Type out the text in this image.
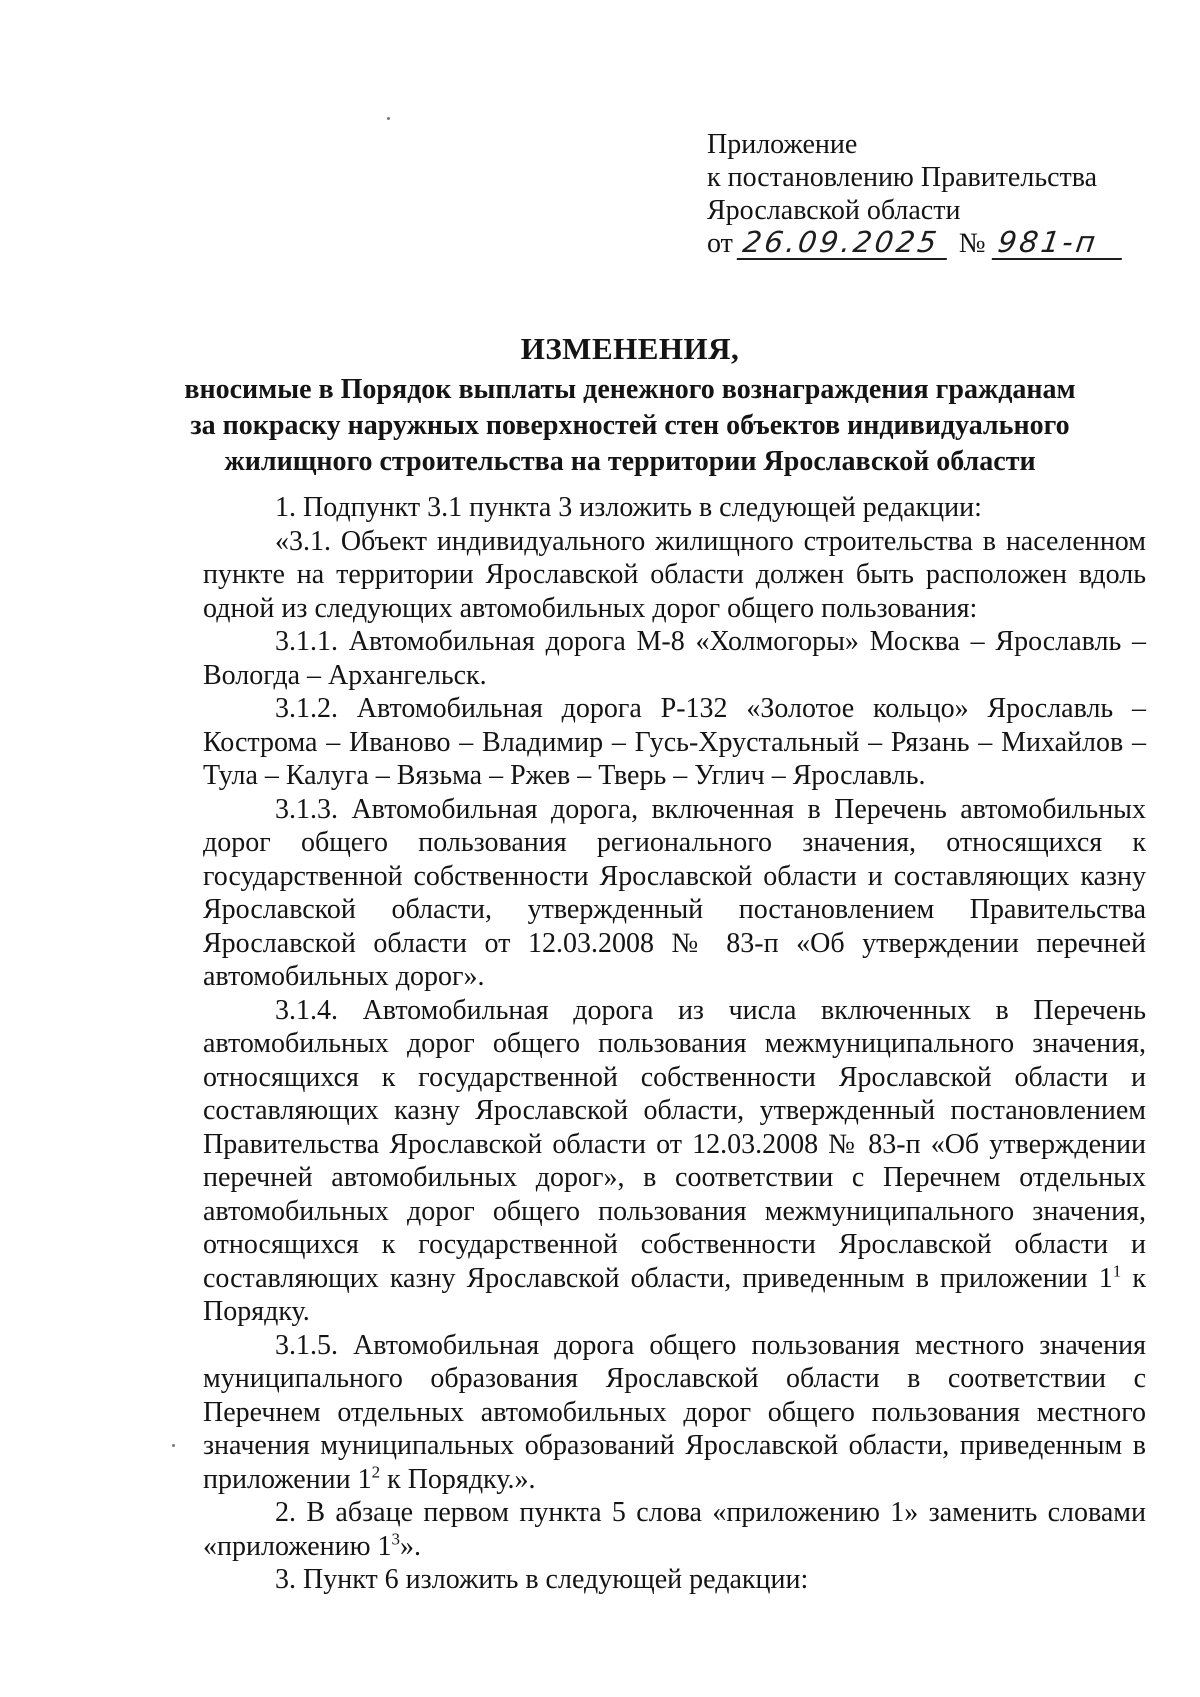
Приложение
к постановлению Правительства
Ярославской области
от 26.09.2025 № 981-п
ИЗМЕНЕНИЯ,
вносимые в Порядок выплаты денежного вознаграждения гражданам за покраску наружных поверхностей стен объектов индивидуального жилищного строительства на территории Ярославской области

1. Подпункт 3.1 пункта 3 изложить в следующей редакции:

«3.1. Объект индивидуального жилищного строительства в населенном пункте на территории Ярославской области должен быть расположен вдоль одной из следующих автомобильных дорог общего пользования:

3.1.1. Автомобильная дорога М-8 «Холмогоры» Москва – Ярославль – Вологда – Архангельск.

3.1.2. Автомобильная дорога Р-132 «Золотое кольцо» Ярославль – Кострома – Иваново – Владимир – Гусь-Хрустальный – Рязань – Михайлов – Тула – Калуга – Вязьма – Ржев – Тверь – Углич – Ярославль.

3.1.3. Автомобильная дорога, включенная в Перечень автомобильных дорог общего пользования регионального значения, относящихся к государственной собственности Ярославской области и составляющих казну Ярославской области, утвержденный постановлением Правительства Ярославской области от 12.03.2008 № 83-п «Об утверждении перечней автомобильных дорог».

3.1.4. Автомобильная дорога из числа включенных в Перечень автомобильных дорог общего пользования межмуниципального значения, относящихся к государственной собственности Ярославской области и составляющих казну Ярославской области, утвержденный постановлением Правительства Ярославской области от 12.03.2008 № 83-п «Об утверждении перечней автомобильных дорог», в соответствии с Перечнем отдельных автомобильных дорог общего пользования межмуниципального значения, относящихся к государственной собственности Ярославской области и составляющих казну Ярославской области, приведенным в приложении $1^1$ к Порядку.

3.1.5. Автомобильная дорога общего пользования местного значения муниципального образования Ярославской области в соответствии с Перечнем отдельных автомобильных дорог общего пользования местного значения муниципальных образований Ярославской области, приведенным в приложении $1^2$ к Порядку.».

2. В абзаце первом пункта 5 слова «приложению 1» заменить словами «приложению $1^3$».

3. Пункт 6 изложить в следующей редакции:
